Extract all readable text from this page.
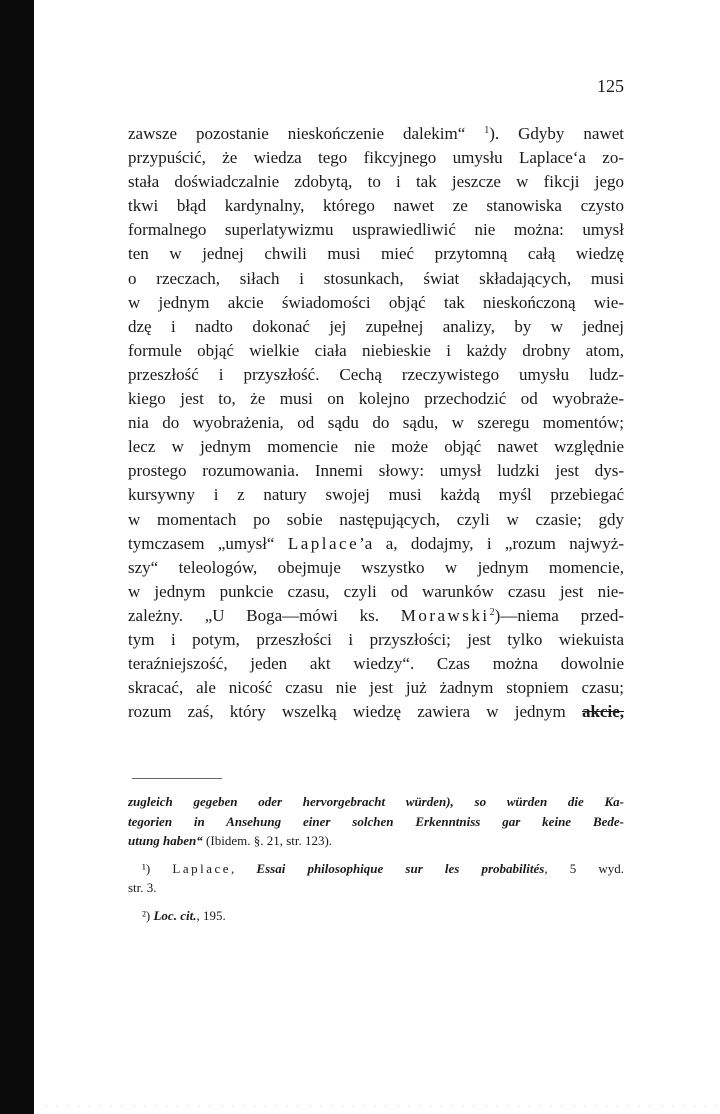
125

zawsze pozostanie nieskończenie dalekim“ $^1$). Gdyby nawet
przypuścić, że wiedza tego fikcyjnego umysłu Laplace‘a zo-
stała doświadczalnie zdobytą, to i tak jeszcze w fikcji jego
tkwi błąd kardynalny, którego nawet ze stanowiska czysto
formalnego superlatywizmu usprawiedliwić nie można: umysł
ten w jednej chwili musi mieć przytomną całą wiedzę
o rzeczach, siłach i stosunkach, świat składających, musi
w jednym akcie świadomości objąć tak nieskończoną wie-
dzę i nadto dokonać jej zupełnej analizy, by w jednej
formule objąć wielkie ciała niebieskie i każdy drobny atom,
przeszłość i przyszłość. Cechą rzeczywistego umysłu ludz-
kiego jest to, że musi on kolejno przechodzić od wyobraże-
nia do wyobrażenia, od sądu do sądu, w szeregu momentów;
lecz w jednym momencie nie może objąć nawet względnie
prostego rozumowania. Innemi słowy: umysł ludzki jest dys-
kursywny i z natury swojej musi każdą myśl przebiegać
w momentach po sobie następujących, czyli w czasie; gdy
tymczasem „umysł“ Laplace’a a, dodajmy, i „rozum najwyż-
szy“ teleologów, obejmuje wszystko w jednym momencie,
w jednym punkcie czasu, czyli od warunków czasu jest nie-
zależny. „U Boga—mówi ks. Morawski$^2$)—niema przed-
tym i potym, przeszłości i przyszłości; jest tylko wiekuista
teraźniejszość, jeden akt wiedzy“. Czas można dowolnie
skracać, ale nicość czasu nie jest już żadnym stopniem czasu;
rozum zaś, który wszelką wiedzę zawiera w jednym akcie,
zugleich gegeben oder hervorgebracht würden), so würden die Ka-
tegorien in Ansehung einer solchen Erkenntniss gar keine Bede-
utung haben“ (Ibidem. §. 21, str. 123).
¹) Laplace, Essai philosophique sur les probabilités, 5 wyd.
str. 3.
²) Loc. cit., 195.
